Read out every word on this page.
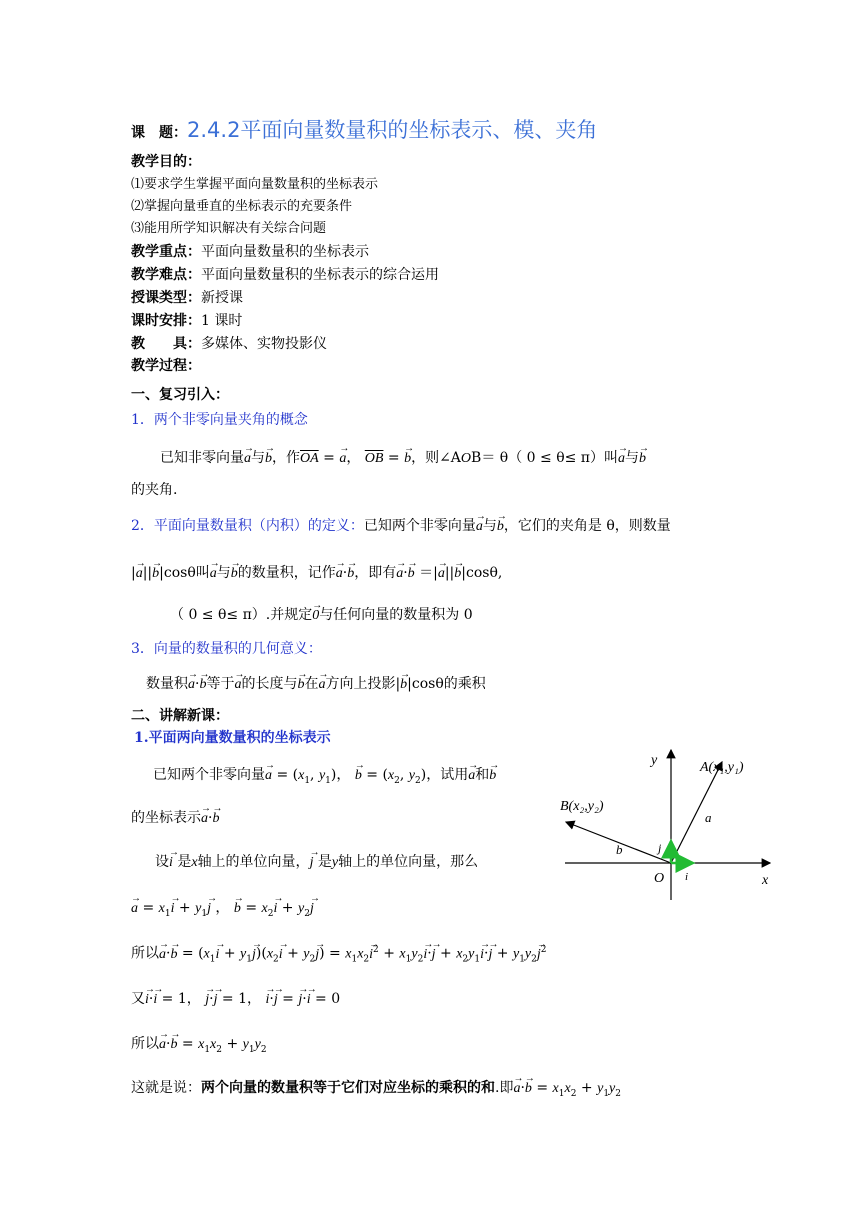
课　题：2.4.2平面向量数量积的坐标表示、模、夹角
教学目的：
⑴要求学生掌握平面向量数量积的坐标表示
⑵掌握向量垂直的坐标表示的充要条件
⑶能用所学知识解决有关综合问题
教学重点：平面向量数量积的坐标表示
教学难点：平面向量数量积的坐标表示的综合运用
授课类型：新授课
课时安排：1 课时
教　　具：多媒体、实物投影仪
教学过程：
一、复习引入：
1．两个非零向量夹角的概念
已知非零向量→ a与→ b，作$\overline{OA}$ = → a， $\overline{OB}$ = → b，则∠AOB＝ θ（ 0 ≤ θ≤ π）叫→ a与→ b
的夹角.
2．平面向量数量积（内积）的定义：已知两个非零向量→ a与→ b，它们的夹角是 θ，则数量
|→ a||→ b|cosθ叫→ a与→ b的数量积，记作→ a·→ b，即有→ a·→ b ＝|→ a||→ b|cosθ,
（ 0 ≤ θ≤ π）.并规定→ 0与任何向量的数量积为 0
3．向量的数量积的几何意义：
数量积→ a·→ b等于→ a的长度与→ b在→ a方向上投影|→ b|cosθ的乘积
二、讲解新课：
1.平面两向量数量积的坐标表示
已知两个非零向量→ $a = (x_1$, $y_1$)， → $b = (x_2$, $y_2$)，试用→ a和→ b
的坐标表示→ a·→ b
设→ i 是x轴上的单位向量，→ j 是y轴上的单位向量，那么
→ $a = x_1\to i + y_1\to j$ ， → $b = x_2\to i + y_2\to j$
所以→ $a\cdot\to b = (x_1\to i + y_1\to j)(x_2\to i + y_2\to j) = x_1x_2\to i^2 + x_1y_2\to i\cdot\to j + x_2y_1\to i\cdot\to j + y_1y_2\to j^2$
又→ i·→ i = 1， → j·→ j = 1， → i·→ j = → j·→ i = 0
所以→ $a\cdot\to b = x_1x_2 + y_1y_2$
这就是说：两个向量的数量积等于它们对应坐标的乘积的和.即→ $a\cdot\to b = x_1x_2 + y_1y_2$
y
x
O
A(x₁,y₁)
B(x₂,y₂)
a
b
i
j
